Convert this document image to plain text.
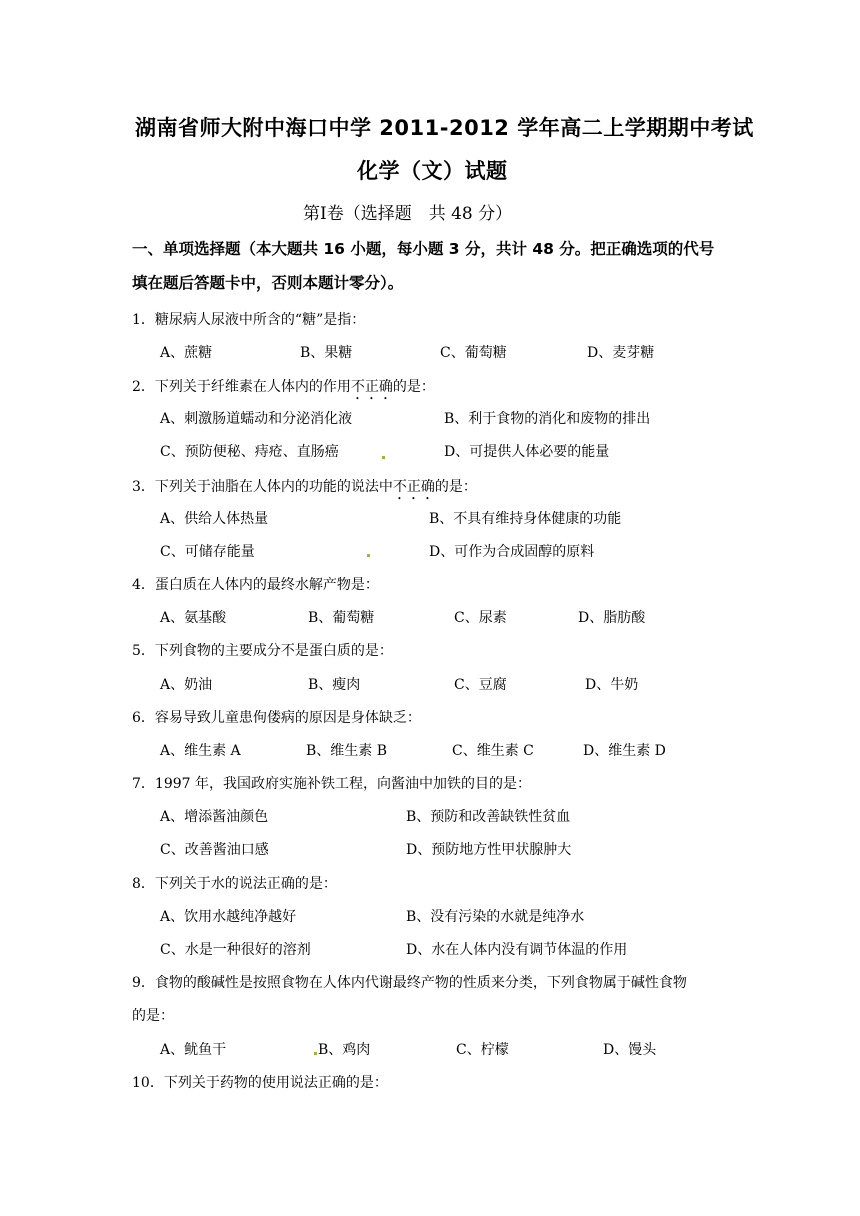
湖南省师大附中海口中学 2011-2012 学年高二上学期期中考试
化学（文）试题
第Ⅰ卷（选择题　共 48 分）
一、单项选择题（本大题共 16 小题，每小题 3 分，共计 48 分。把正确选项的代号
填在题后答题卡中，否则本题计零分）。
1．糖尿病人尿液中所含的“糖”是指：
A、蔗糖	B、果糖	C、葡萄糖	D、麦芽糖
2．下列关于纤维素在人体内的作用不正确的是：
A、刺激肠道蠕动和分泌消化液	B、利于食物的消化和废物的排出
C、预防便秘、痔疮、直肠癌	D、可提供人体必要的能量
3．下列关于油脂在人体内的功能的说法中不正确的是：
A、供给人体热量	B、不具有维持身体健康的功能
C、可储存能量	D、可作为合成固醇的原料
4．蛋白质在人体内的最终水解产物是：
A、氨基酸	B、葡萄糖	C、尿素	D、脂肪酸
5．下列食物的主要成分不是蛋白质的是：
A、奶油	B、瘦肉	C、豆腐	D、牛奶
6．容易导致儿童患佝偻病的原因是身体缺乏：
A、维生素 A	B、维生素 B	C、维生素 C	D、维生素 D
7．1997 年，我国政府实施补铁工程，向酱油中加铁的目的是：
A、增添酱油颜色	B、预防和改善缺铁性贫血
C、改善酱油口感	D、预防地方性甲状腺肿大
8．下列关于水的说法正确的是：
A、饮用水越纯净越好	B、没有污染的水就是纯净水
C、水是一种很好的溶剂	D、水在人体内没有调节体温的作用
9．食物的酸碱性是按照食物在人体内代谢最终产物的性质来分类，下列食物属于碱性食物
的是：
A、鱿鱼干	B、鸡肉	C、柠檬	D、馒头
10．下列关于药物的使用说法正确的是：
